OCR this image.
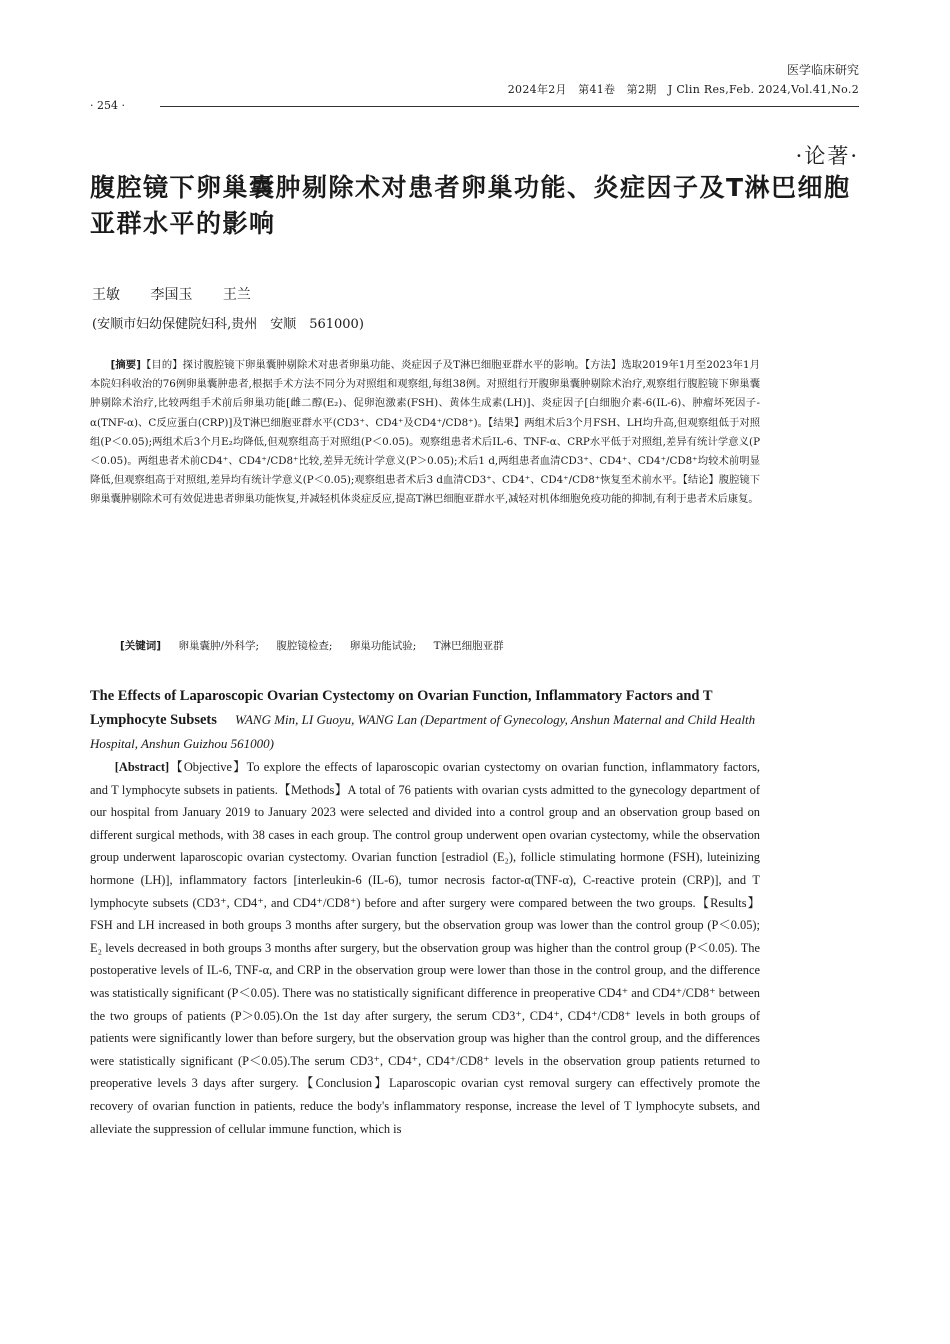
医学临床研究
2024年2月　第41卷　第2期　J Clin Res,Feb. 2024,Vol.41,No.2
· 254 ·
·论著·
腹腔镜下卵巢囊肿剔除术对患者卵巢功能、炎症因子及T淋巴细胞亚群水平的影响
王敏 李国玉 王兰
(安顺市妇幼保健院妇科,贵州　安顺　561000)

[摘要]【目的】探讨腹腔镜下卵巢囊肿剔除术对患者卵巢功能、炎症因子及T淋巴细胞亚群水平的影响。【方法】选取2019年1月至2023年1月本院妇科收治的76例卵巢囊肿患者,根据手术方法不同分为对照组和观察组,每组38例。对照组行开腹卵巢囊肿剔除术治疗,观察组行腹腔镜下卵巢囊肿剔除术治疗,比较两组手术前后卵巢功能[雌二醇(E₂)、促卵泡激素(FSH)、黄体生成素(LH)]、炎症因子[白细胞介素-6(IL-6)、肿瘤坏死因子-α(TNF-α)、C反应蛋白(CRP)]及T淋巴细胞亚群水平(CD3⁺、CD4⁺及CD4⁺/CD8⁺)。【结果】两组术后3个月FSH、LH均升高,但观察组低于对照组(P＜0.05);两组术后3个月E₂均降低,但观察组高于对照组(P＜0.05)。观察组患者术后IL-6、TNF-α、CRP水平低于对照组,差异有统计学意义(P＜0.05)。两组患者术前CD4⁺、CD4⁺/CD8⁺比较,差异无统计学意义(P＞0.05);术后1 d,两组患者血清CD3⁺、CD4⁺、CD4⁺/CD8⁺均较术前明显降低,但观察组高于对照组,差异均有统计学意义(P＜0.05);观察组患者术后3 d血清CD3⁺、CD4⁺、CD4⁺/CD8⁺恢复至术前水平。【结论】腹腔镜下卵巢囊肿剔除术可有效促进患者卵巢功能恢复,并减轻机体炎症反应,提高T淋巴细胞亚群水平,减轻对机体细胞免疫功能的抑制,有利于患者术后康复。

[关键词] 卵巢囊肿/外科学; 腹腔镜检查; 卵巢功能试验; T淋巴细胞亚群

The Effects of Laparoscopic Ovarian Cystectomy on Ovarian Function, Inflammatory Factors and T Lymphocyte Subsets WANG Min, LI Guoyu, WANG Lan (Department of Gynecology, Anshun Maternal and Child Health Hospital, Anshun Guizhou 561000)

[Abstract]【Objective】To explore the effects of laparoscopic ovarian cystectomy on ovarian function, inflammatory factors, and T lymphocyte subsets in patients.【Methods】A total of 76 patients with ovarian cysts admitted to the gynecology department of our hospital from January 2019 to January 2023 were selected and divided into a control group and an observation group based on different surgical methods, with 38 cases in each group. The control group underwent open ovarian cystectomy, while the observation group underwent laparoscopic ovarian cystectomy. Ovarian function [estradiol (E₂), follicle stimulating hormone (FSH), luteinizing hormone (LH)], inflammatory factors [interleukin-6 (IL-6), tumor necrosis factor-α(TNF-α), C-reactive protein (CRP)], and T lymphocyte subsets (CD3⁺, CD4⁺, and CD4⁺/CD8⁺) before and after surgery were compared between the two groups.【Results】FSH and LH increased in both groups 3 months after surgery, but the observation group was lower than the control group (P＜0.05); E₂ levels decreased in both groups 3 months after surgery, but the observation group was higher than the control group (P＜0.05). The postoperative levels of IL-6, TNF-α, and CRP in the observation group were lower than those in the control group, and the difference was statistically significant (P＜0.05). There was no statistically significant difference in preoperative CD4⁺ and CD4⁺/CD8⁺ between the two groups of patients (P＞0.05).On the 1st day after surgery, the serum CD3⁺, CD4⁺, CD4⁺/CD8⁺ levels in both groups of patients were significantly lower than before surgery, but the observation group was higher than the control group, and the differences were statistically significant (P＜0.05).The serum CD3⁺, CD4⁺, CD4⁺/CD8⁺ levels in the observation group patients returned to preoperative levels 3 days after surgery.【Conclusion】Laparoscopic ovarian cyst removal surgery can effectively promote the recovery of ovarian function in patients, reduce the body's inflammatory response, increase the level of T lymphocyte subsets, and alleviate the suppression of cellular immune function, which is
